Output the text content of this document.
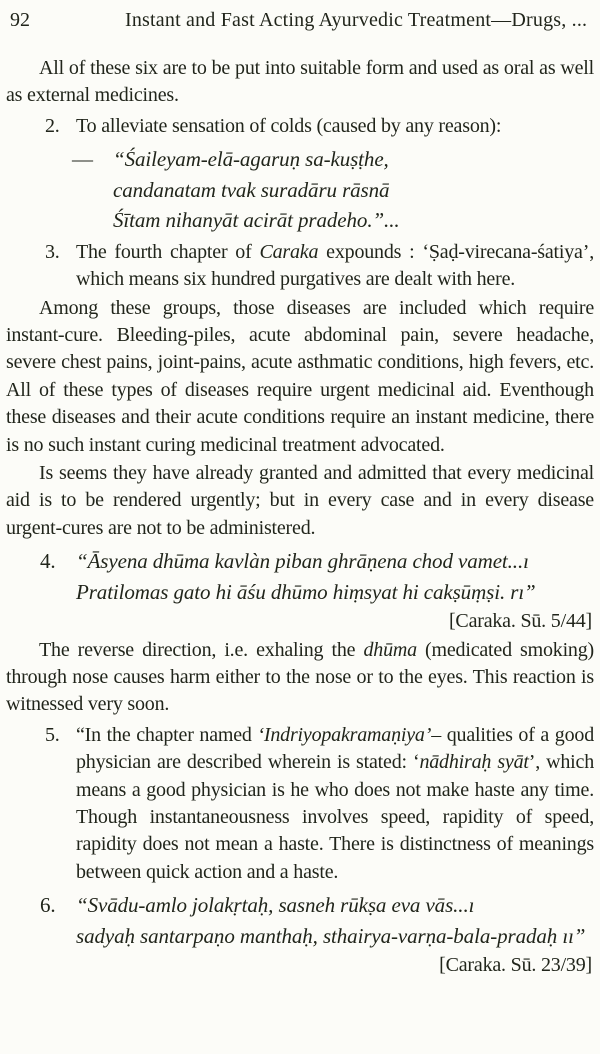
92	Instant and Fast Acting Ayurvedic Treatment—Drugs, ...

All of these six are to be put into suitable form and used as oral as well as external medicines.

2. To alleviate sensation of colds (caused by any reason):
— “Śaileyam-elā-agaruṇ sa-kuṣṭhe,
candanatam tvak suradāru rāsnā
Śītam nihanyāt acirāt pradeho.”...
3. The fourth chapter of Caraka expounds : ‘Ṣaḍ-virecana-śatiya’, which means six hundred purgatives are dealt with here.

Among these groups, those diseases are included which require instant-cure. Bleeding-piles, acute abdominal pain, severe headache, severe chest pains, joint-pains, acute asthmatic conditions, high fevers, etc. All of these types of diseases require urgent medicinal aid. Eventhough these diseases and their acute conditions require an instant medicine, there is no such instant curing medicinal treatment advocated.

Is seems they have already granted and admitted that every medicinal aid is to be rendered urgently; but in every case and in every disease urgent-cures are not to be administered.

4. “Āsyena dhūma kavlàn piban ghrāṇena chod vamet...ı
Pratilomas gato hi āśu dhūmo hiṃsyat hi cakṣūṃṣi. rı”
[Caraka. Sū. 5/44]

The reverse direction, i.e. exhaling the dhūma (medicated smoking) through nose causes harm either to the nose or to the eyes. This reaction is witnessed very soon.

5. “In the chapter named ‘Indriyopakramaṇiya’– qualities of a good physician are described wherein is stated: ‘nādhiraḥ syāt’, which means a good physician is he who does not make haste any time. Though instantaneousness involves speed, rapidity of speed, rapidity does not mean a haste. There is distinctness of meanings between quick action and a haste.
6. “Svādu-amlo jolakṛtaḥ, sasneh rūkṣa eva vās...ı
sadyaḥ santarpaṇo manthaḥ, sthairya-varṇa-bala-pradaḥ ıı”
[Caraka. Sū. 23/39]
